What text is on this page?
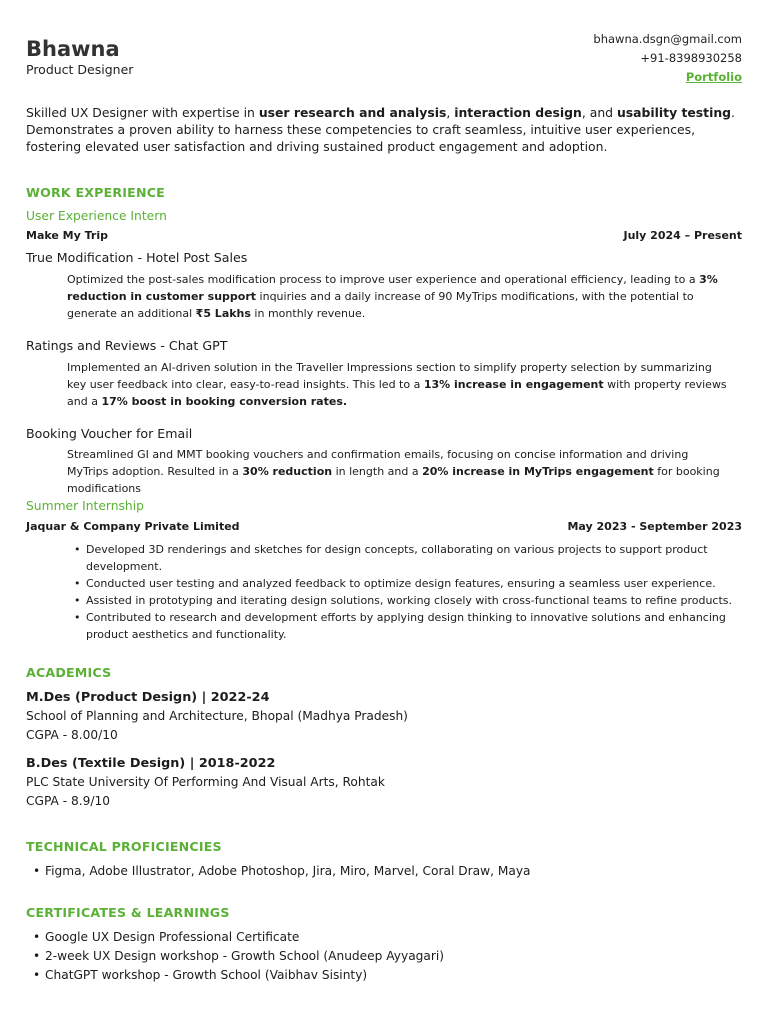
Bhawna
Product Designer
bhawna.dsgn@gmail.com
+91-8398930258
Portfolio
Skilled UX Designer with expertise in user research and analysis, interaction design, and usability testing. Demonstrates a proven ability to harness these competencies to craft seamless, intuitive user experiences, fostering elevated user satisfaction and driving sustained product engagement and adoption.
WORK EXPERIENCE
User Experience Intern
Make My Trip	July 2024 – Present
True Modification - Hotel Post Sales
Optimized the post-sales modification process to improve user experience and operational efficiency, leading to a 3% reduction in customer support inquiries and a daily increase of 90 MyTrips modifications, with the potential to generate an additional ₹5 Lakhs in monthly revenue.
Ratings and Reviews - Chat GPT
Implemented an AI-driven solution in the Traveller Impressions section to simplify property selection by summarizing key user feedback into clear, easy-to-read insights. This led to a 13% increase in engagement with property reviews and a 17% boost in booking conversion rates.
Booking Voucher for Email
Streamlined GI and MMT booking vouchers and confirmation emails, focusing on concise information and driving MyTrips adoption. Resulted in a 30% reduction in length and a 20% increase in MyTrips engagement for booking modifications
Summer Internship
Jaquar & Company Private Limited	May 2023 - September 2023
• Developed 3D renderings and sketches for design concepts, collaborating on various projects to support product development.
• Conducted user testing and analyzed feedback to optimize design features, ensuring a seamless user experience.
• Assisted in prototyping and iterating design solutions, working closely with cross-functional teams to refine products.
• Contributed to research and development efforts by applying design thinking to innovative solutions and enhancing product aesthetics and functionality.
ACADEMICS
M.Des (Product Design) | 2022-24
School of Planning and Architecture, Bhopal (Madhya Pradesh)
CGPA - 8.00/10
B.Des (Textile Design) | 2018-2022
PLC State University Of Performing And Visual Arts, Rohtak
CGPA - 8.9/10
TECHNICAL PROFICIENCIES
• Figma, Adobe Illustrator, Adobe Photoshop, Jira, Miro, Marvel, Coral Draw, Maya
CERTIFICATES & LEARNINGS
• Google UX Design Professional Certificate
• 2-week UX Design workshop - Growth School (Anudeep Ayyagari)
• ChatGPT workshop - Growth School (Vaibhav Sisinty)
